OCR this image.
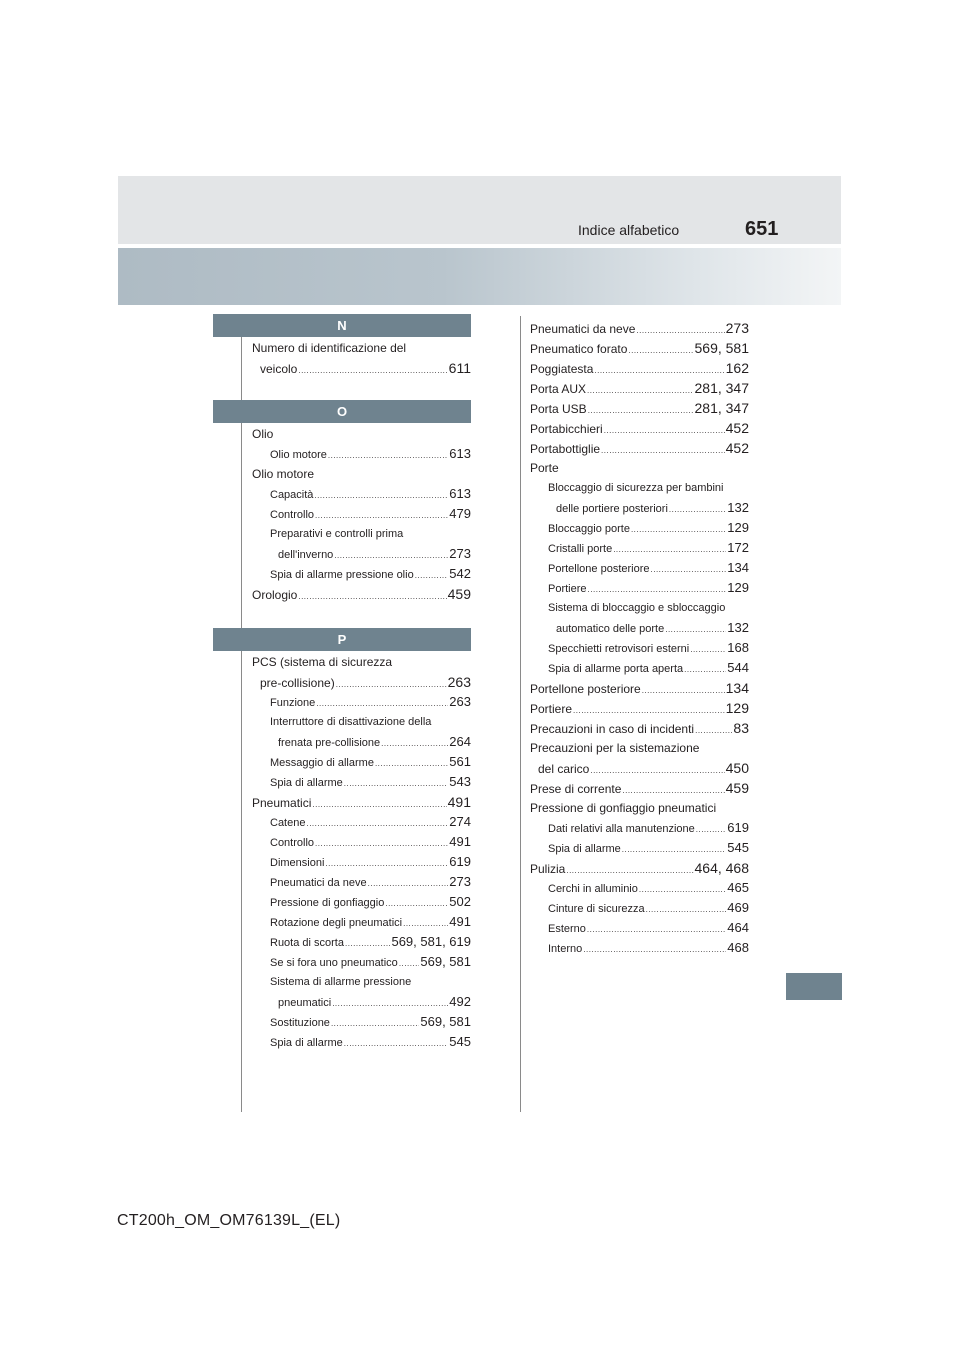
Indice alfabetico	651
N
O
P
Numero di identificazione del
veicolo .....	611
Olio
Olio motore .....	613
Olio motore
Capacità .....	613
Controllo .....	479
Preparativi e controlli prima
dell'inverno .....	273
Spia di allarme pressione olio .....	542
Orologio .....	459
PCS (sistema di sicurezza
pre-collisione) .....	263
Funzione .....	263
Interruttore di disattivazione della
frenata pre-collisione .....	264
Messaggio di allarme .....	561
Spia di allarme .....	543
Pneumatici .....	491
Catene .....	274
Controllo .....	491
Dimensioni .....	619
Pneumatici da neve .....	273
Pressione di gonfiaggio .....	502
Rotazione degli pneumatici .....	491
Ruota di scorta .....	569, 581, 619
Se si fora uno pneumatico ..... 569, 581
Sistema di allarme pressione
pneumatici .....	492
Sostituzione .....	569, 581
Spia di allarme .....	545
Pneumatici da neve .....	273
Pneumatico forato .....	569, 581
Poggiatesta .....	162
Porta AUX .....	281, 347
Porta USB .....	281, 347
Portabicchieri .....	452
Portabottiglie .....	452
Porte
Bloccaggio di sicurezza per bambini
delle portiere posteriori .....	132
Bloccaggio porte .....	129
Cristalli porte .....	172
Portellone posteriore .....	134
Portiere .....	129
Sistema di bloccaggio e sbloccaggio
automatico delle porte .....	132
Specchietti retrovisori esterni .....	168
Spia di allarme porta aperta .....	544
Portellone posteriore .....	134
Portiere .....	129
Precauzioni in caso di incidenti .....	83
Precauzioni per la sistemazione
del carico .....	450
Prese di corrente .....	459
Pressione di gonfiaggio pneumatici
Dati relativi alla manutenzione .....	619
Spia di allarme .....	545
Pulizia .....	464, 468
Cerchi in alluminio .....	465
Cinture di sicurezza .....	469
Esterno .....	464
Interno .....	468
CT200h_OM_OM76139L_(EL)
